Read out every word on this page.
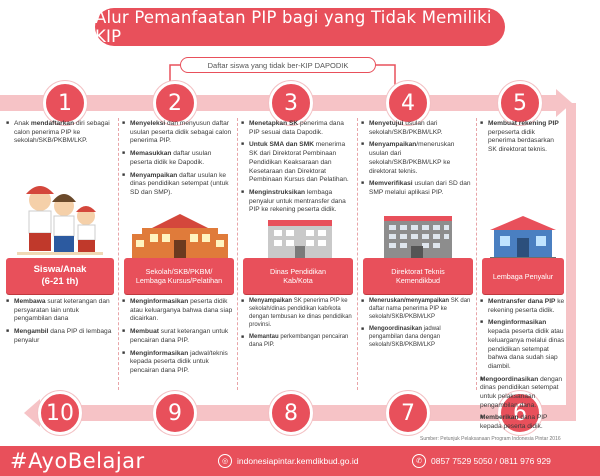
Alur Pemanfaatan PIP bagi yang Tidak Memiliki KIP
Daftar siswa yang tidak ber-KIP DAPODIK
1	2	3	4	5
10	9	8	7	6
■ Anak mendaftarkan diri sebagai calon penerima PIP ke sekolah/SKB/PKBM/LKP.
Siswa/Anak
(6-21 th)
■ Membawa surat keterangan dan persyaratan lain untuk pengambilan dana
■ Mengambil dana PIP di lembaga penyalur
■ Menyeleksi dan menyusun daftar usulan peserta didik sebagai calon penerima PIP.
■ Memasukkan daftar usulan peserta didik ke Dapodik.
■ Menyampaikan daftar usulan ke dinas pendidikan setempat (untuk SD dan SMP).
Sekolah/SKB/PKBM/
Lembaga Kursus/Pelatihan
■ Menginformasikan peserta didik atau keluarganya bahwa dana siap dicairkan.
■ Membuat surat keterangan untuk pencairan dana PIP.
■ Menginformasikan jadwal/teknis kepada peserta didik untuk pencairan dana PIP.
■ Menetapkan SK penerima dana PIP sesuai data Dapodik.
■ Untuk SMA dan SMK menerima SK dari Direktorat Pembinaan Pendidikan Keaksaraan dan Kesetaraan dan Direktorat Pembinaan Kursus dan Pelatihan.
■ Menginstruksikan lembaga penyalur untuk mentransfer dana PIP ke rekening peserta didik.
Dinas Pendidikan
Kab/Kota
■ Menyampaikan SK penerima PIP ke sekolah/dinas pendidikan kab/kota dengan tembusan ke dinas pendidikan provinsi.
■ Memantau perkembangan pencairan dana PIP.
■ Menyetujui usulan dari sekolah/SKB/PKBM/LKP.
■ Menyampaikan/meneruskan usulan dari sekolah/SKB/PKBM/LKP ke direktorat teknis.
■ Memverifikasi usulan dari SD dan SMP melalui aplikasi PIP.
Direktorat Teknis
Kemendikbud
■ Meneruskan/menyampaikan SK dan daftar nama penerima PIP ke sekolah/SKB/PKBM/LKP
■ Mengoordinasikan jadwal pengambilan dana dengan sekolah/SKB/PKBM/LKP
■ Membuat rekening PIP perpeserta didik penerima berdasarkan SK direktorat teknis.
Lembaga Penyalur
■ Mentransfer dana PIP ke rekening peserta didik.
■ Menginformasikan kepada peserta didik atau keluarganya melalui dinas pendidikan setempat bahwa dana sudah siap diambil.
■ Mengoordinasikan dengan dinas pendidikan setempat untuk pelaksanaan pengambilan dana.
■ Memberikan dana PIP kepada peserta didik.
Sumber: Petunjuk Pelaksanaan Program Indonesia Pintar 2016
#AyoBelajar	◎	indonesiapintar.kemdikbud.go.id	✆	0857 7529 5050 / 0811 976 929
